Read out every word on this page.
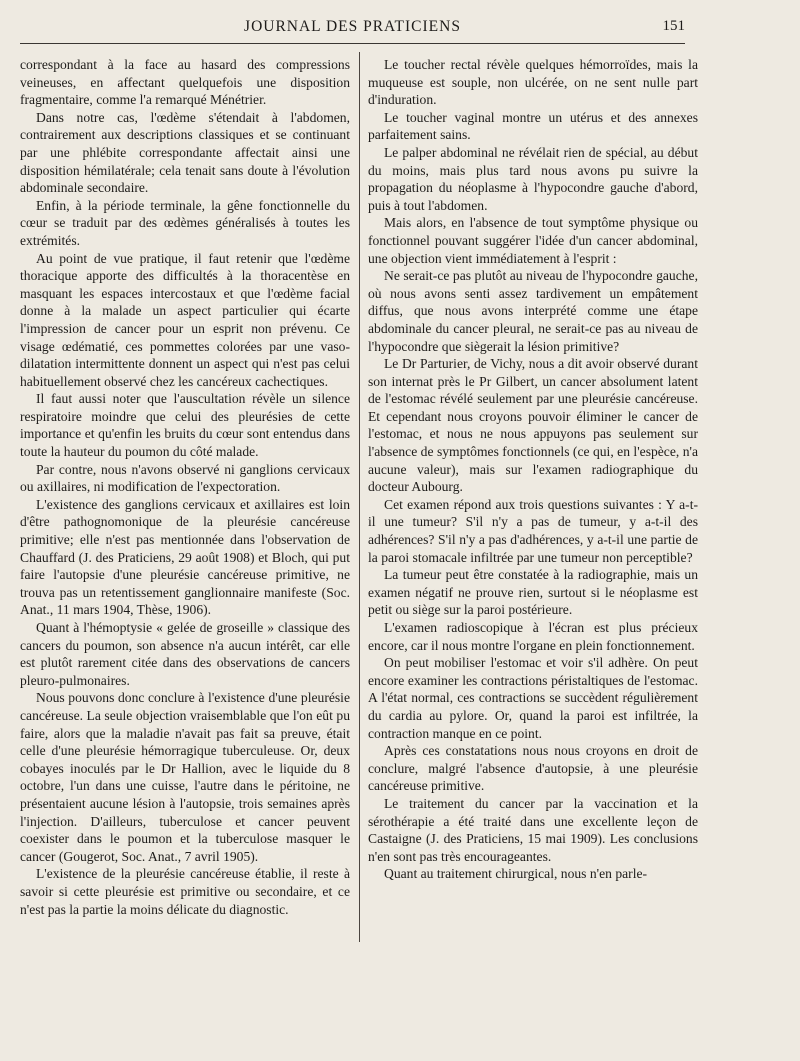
JOURNAL DES PRATICIENS	151

correspondant à la face au hasard des compressions veineuses, en affectant quelquefois une disposition fragmentaire, comme l'a remarqué Ménétrier.

Dans notre cas, l'œdème s'étendait à l'abdomen, contrairement aux descriptions classiques et se continuant par une phlébite correspondante affectait ainsi une disposition hémilatérale; cela tenait sans doute à l'évolution abdominale secondaire.

Enfin, à la période terminale, la gêne fonctionnelle du cœur se traduit par des œdèmes généralisés à toutes les extrémités.

Au point de vue pratique, il faut retenir que l'œdème thoracique apporte des difficultés à la thoracentèse en masquant les espaces intercostaux et que l'œdème facial donne à la malade un aspect particulier qui écarte l'impression de cancer pour un esprit non prévenu. Ce visage œdématié, ces pommettes colorées par une vaso-dilatation intermittente donnent un aspect qui n'est pas celui habituellement observé chez les cancéreux cachectiques.

Il faut aussi noter que l'auscultation révèle un silence respiratoire moindre que celui des pleurésies de cette importance et qu'enfin les bruits du cœur sont entendus dans toute la hauteur du poumon du côté malade.

Par contre, nous n'avons observé ni ganglions cervicaux ou axillaires, ni modification de l'expectoration.

L'existence des ganglions cervicaux et axillaires est loin d'être pathognomonique de la pleurésie cancéreuse primitive; elle n'est pas mentionnée dans l'observation de Chauffard (J. des Praticiens, 29 août 1908) et Bloch, qui put faire l'autopsie d'une pleurésie cancéreuse primitive, ne trouva pas un retentissement ganglionnaire manifeste (Soc. Anat., 11 mars 1904, Thèse, 1906).

Quant à l'hémoptysie « gelée de groseille » classique des cancers du poumon, son absence n'a aucun intérêt, car elle est plutôt rarement citée dans des observations de cancers pleuro-pulmonaires.

Nous pouvons donc conclure à l'existence d'une pleurésie cancéreuse. La seule objection vraisemblable que l'on eût pu faire, alors que la maladie n'avait pas fait sa preuve, était celle d'une pleurésie hémorragique tuberculeuse. Or, deux cobayes inoculés par le Dr Hallion, avec le liquide du 8 octobre, l'un dans une cuisse, l'autre dans le péritoine, ne présentaient aucune lésion à l'autopsie, trois semaines après l'injection. D'ailleurs, tuberculose et cancer peuvent coexister dans le poumon et la tuberculose masquer le cancer (Gougerot, Soc. Anat., 7 avril 1905).

L'existence de la pleurésie cancéreuse établie, il reste à savoir si cette pleurésie est primitive ou secondaire, et ce n'est pas la partie la moins délicate du diagnostic.

Le toucher rectal révèle quelques hémorroïdes, mais la muqueuse est souple, non ulcérée, on ne sent nulle part d'induration.

Le toucher vaginal montre un utérus et des annexes parfaitement sains.

Le palper abdominal ne révélait rien de spécial, au début du moins, mais plus tard nous avons pu suivre la propagation du néoplasme à l'hypocondre gauche d'abord, puis à tout l'abdomen.

Mais alors, en l'absence de tout symptôme physique ou fonctionnel pouvant suggérer l'idée d'un cancer abdominal, une objection vient immédiatement à l'esprit :

Ne serait-ce pas plutôt au niveau de l'hypocondre gauche, où nous avons senti assez tardivement un empâtement diffus, que nous avons interprété comme une étape abdominale du cancer pleural, ne serait-ce pas au niveau de l'hypocondre que siègerait la lésion primitive?

Le Dr Parturier, de Vichy, nous a dit avoir observé durant son internat près le Pr Gilbert, un cancer absolument latent de l'estomac révélé seulement par une pleurésie cancéreuse. Et cependant nous croyons pouvoir éliminer le cancer de l'estomac, et nous ne nous appuyons pas seulement sur l'absence de symptômes fonctionnels (ce qui, en l'espèce, n'a aucune valeur), mais sur l'examen radiographique du docteur Aubourg.

Cet examen répond aux trois questions suivantes : Y a-t-il une tumeur? S'il n'y a pas de tumeur, y a-t-il des adhérences? S'il n'y a pas d'adhérences, y a-t-il une partie de la paroi stomacale infiltrée par une tumeur non perceptible?

La tumeur peut être constatée à la radiographie, mais un examen négatif ne prouve rien, surtout si le néoplasme est petit ou siège sur la paroi postérieure.

L'examen radioscopique à l'écran est plus précieux encore, car il nous montre l'organe en plein fonctionnement.

On peut mobiliser l'estomac et voir s'il adhère. On peut encore examiner les contractions péristaltiques de l'estomac. A l'état normal, ces contractions se succèdent régulièrement du cardia au pylore. Or, quand la paroi est infiltrée, la contraction manque en ce point.

Après ces constatations nous nous croyons en droit de conclure, malgré l'absence d'autopsie, à une pleurésie cancéreuse primitive.

Le traitement du cancer par la vaccination et la sérothérapie a été traité dans une excellente leçon de Castaigne (J. des Praticiens, 15 mai 1909). Les conclusions n'en sont pas très encourageantes.

Quant au traitement chirurgical, nous n'en parle-
